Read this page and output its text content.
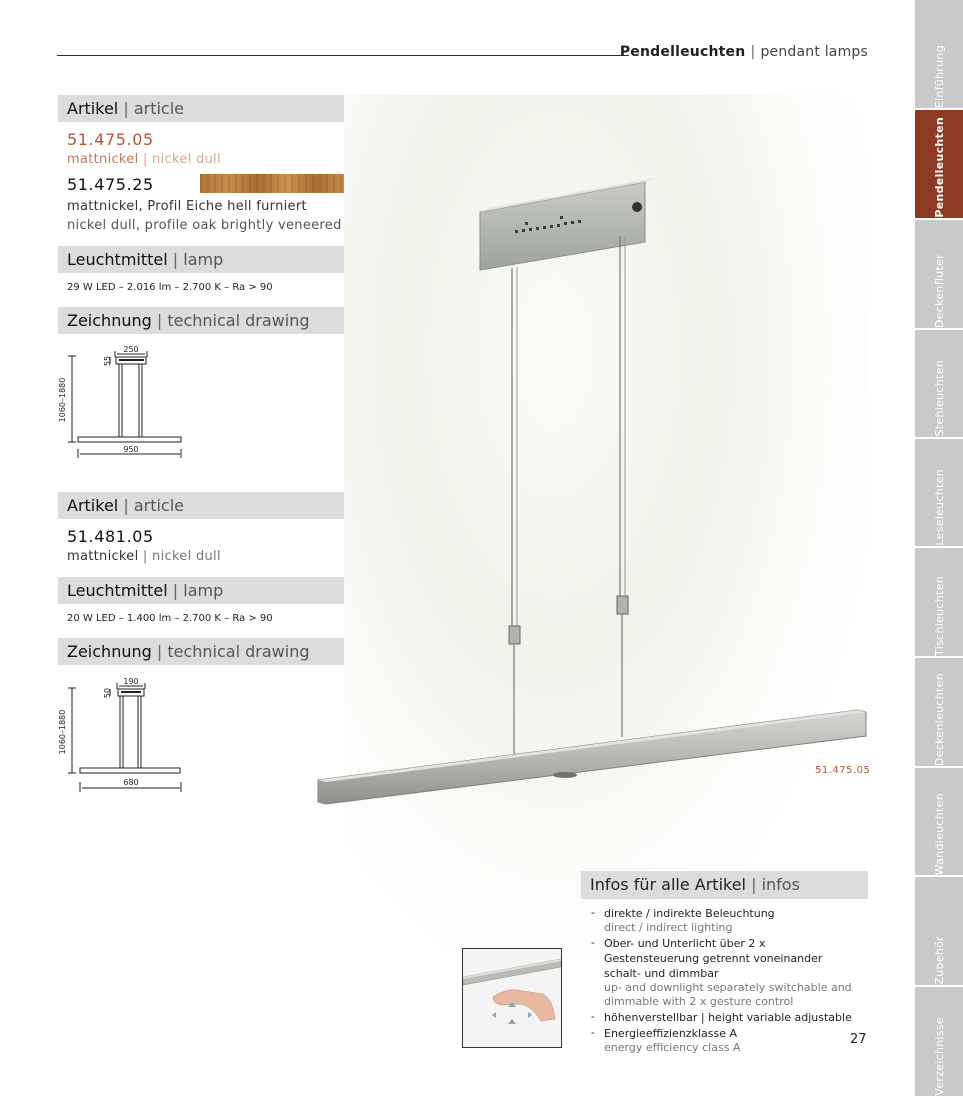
Pendelleuchten | pendant lamps
51.475.05
Artikel | article
51.475.05
mattnickel | nickel dull
51.475.25
mattnickel, Profil Eiche hell furniert
nickel dull, profile oak brightly veneered
Leuchtmittel | lamp
29 W LED – 2.016 lm – 2.700 K – Ra > 90
Zeichnung | technical drawing
250
55
1060–1880
950
Artikel | article
51.481.05
mattnickel | nickel dull
Leuchtmittel | lamp
20 W LED – 1.400 lm – 2.700 K – Ra > 90
Zeichnung | technical drawing
190
50
1060–1880
680
Infos für alle Artikel | infos
- direkte / indirekte Beleuchtung
direct / indirect lighting
- Ober- und Unterlicht über 2 x Gestensteuerung getrennt voneinander schalt- und dimmbar
up- and downlight separately switchable and dimmable with 2 x gesture control
- höhenverstellbar | height variable adjustable
- Energieeffizienzklasse A
energy efficiency class A
27
Einführung
Pendelleuchten
Deckenfluter
Stehleuchten
Leseleuchten
Tischleuchten
Deckenleuchten
Wandleuchten
Zubehör
Verzeichnisse
